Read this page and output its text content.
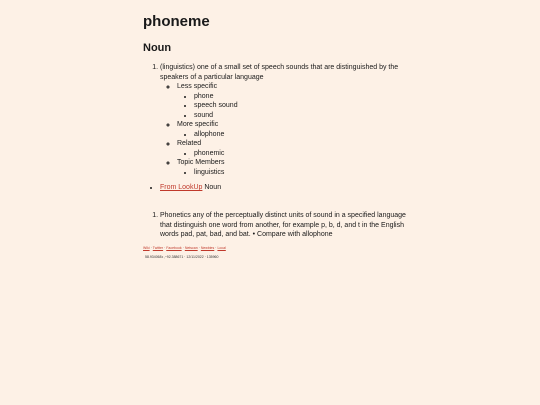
phoneme
Noun
1. (linguistics) one of a small set of speech sounds that are distinguished by the speakers of a particular language
◦ Less specific
• phone
• speech sound
• sound
◦ More specific
• allophone
◦ Related
• phonemic
◦ Topic Members
• linguistics
• From LookUp Noun
1. Phonetics any of the perceptually distinct units of sound in a specified language that distinguish one word from another, for example p, b, d, and t in the English words pad, pat, bad, and bat. • Compare with allophone
Wiki·Twitter·Facebook·Netscan·Newbies·Local
58.934068∘,−92.388671 · 12/11/2022 · 135960
